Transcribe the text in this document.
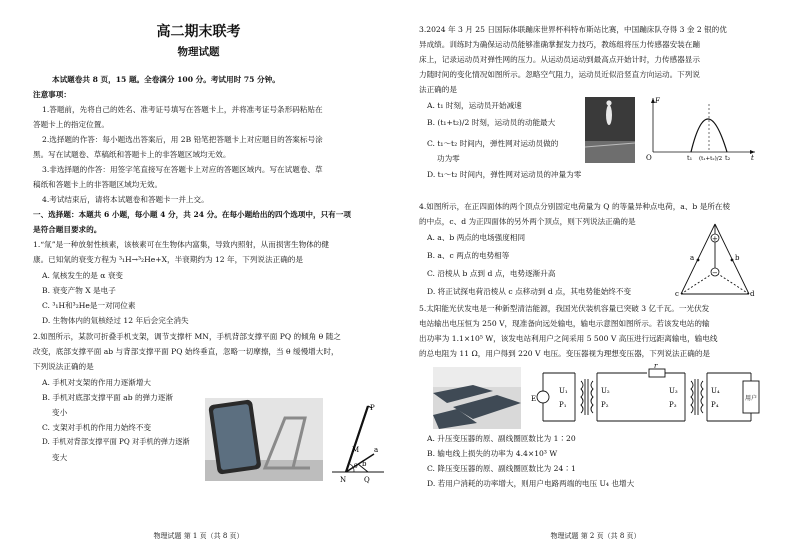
高二期末联考
物理试题
本试题卷共 8 页，15 题。全卷满分 100 分。考试用时 75 分钟。
注意事项：
1.答题前，先将自己的姓名、准考证号填写在答题卡上，并将准考证号条形码粘贴在
答题卡上的指定位置。
2.选择题的作答：每小题选出答案后，用 2B 铅笔把答题卡上对应题目的答案标号涂
黑。写在试题卷、草稿纸和答题卡上的非答题区域均无效。
3.非选择题的作答：用签字笔直接写在答题卡上对应的答题区域内。写在试题卷、草
稿纸和答题卡上的非答题区域均无效。
4.考试结束后，请将本试题卷和答题卡一并上交。
一、选择题：本题共 6 小题，每小题 4 分，共 24 分。在每小题给出的四个选项中，只有一项
是符合题目要求的。
1.“氚”是一种放射性核素，该核素可在生物体内富集，导致内照射，从而损害生物体的健
康。已知氚的衰变方程为 ³₁H→³₂He+X，半衰期约为 12 年，下列说法正确的是
A. 氚核发生的是 α 衰变
B. 衰变产物 X 是电子
C. ³₁H和³₂He是一对同位素
D. 生物体内的氚核经过 12 年后会完全消失
2.如图所示，某款可折叠手机支架，调节支撑杆 MN，手机背部支撑平面 PQ 的倾角 θ 随之
改变，底部支撑平面 ab 与背部支撑平面 PQ 始终垂直，忽略一切摩擦，当 θ 缓慢增大时，
下列说法正确的是
A. 手机对支架的作用力逐渐增大
B. 手机对底部支撑平面 ab 的弹力逐渐
变小
C. 支架对手机的作用力始终不变
D. 手机对背部支撑平面 PQ 对手机的弹力逐渐
变大
P
M a
b
θ
N	Q
物理试题 第 1 页（共 8 页）
3.2024 年 3 月 25 日国际体联蹦床世界杯科特布斯站比赛，中国蹦床队夺得 3 金 2 银的优
异成绩。训练时为确保运动员能够准确掌握发力技巧，教练组将压力传感器安装在蹦
床上，记录运动员对弹性网的压力。从运动员运动到最高点开始计时，力传感器显示
力随时间的变化情况如图所示。忽略空气阻力，运动员近似沿竖直方向运动。下列说
法正确的是
A. t₁ 时刻，运动员开始减速
B. (t₁+t₂)/2 时刻，运动员的动能最大
C. t₁～t₂ 时间内，弹性网对运动员做的
功为零
D. t₁～t₂ 时间内，弹性网对运动员的冲量为零
F
O	t₁ (t₁+t₂)/2 t₂	t
4.如图所示，在正四面体的两个顶点分别固定电荷量为 Q 的等量异种点电荷，a、b 是所在棱
的中点，c、d 为正四面体的另外两个顶点，则下列说法正确的是
A. a、b 两点的电场强度相同
B. a、c 两点的电势相等
C. 沿棱从 b 点到 d 点，电势逐渐升高
D. 将正试探电荷沿棱从 c 点移动到 d 点，其电势能始终不变
+
−
c
a	b
d
5.太阳能光伏发电是一种新型清洁能源，我国光伏装机容量已突破 3 亿千瓦。一光伏发
电站输出电压恒为 250 V，现准备向远处输电，输电示意图如图所示。若该发电站的输
出功率为 1.1×10⁵ W，该发电站利用户之间采用 5 500 V 高压进行远距离输电，输电线
的总电阻为 11 Ω，用户得到 220 V 电压。变压器视为理想变压器，下列说法正确的是
E
U₁
P₁
U₂
P₂
r
U₃
P₃
U₄
P₄
用户
A. 升压变压器的原、副线圈匝数比为 1∶20
B. 输电线上损失的功率为 4.4×10³ W
C. 降压变压器的原、副线圈匝数比为 24∶1
D. 若用户消耗的功率增大，则用户电路两端的电压 U₄ 也增大
物理试题 第 2 页（共 8 页）
